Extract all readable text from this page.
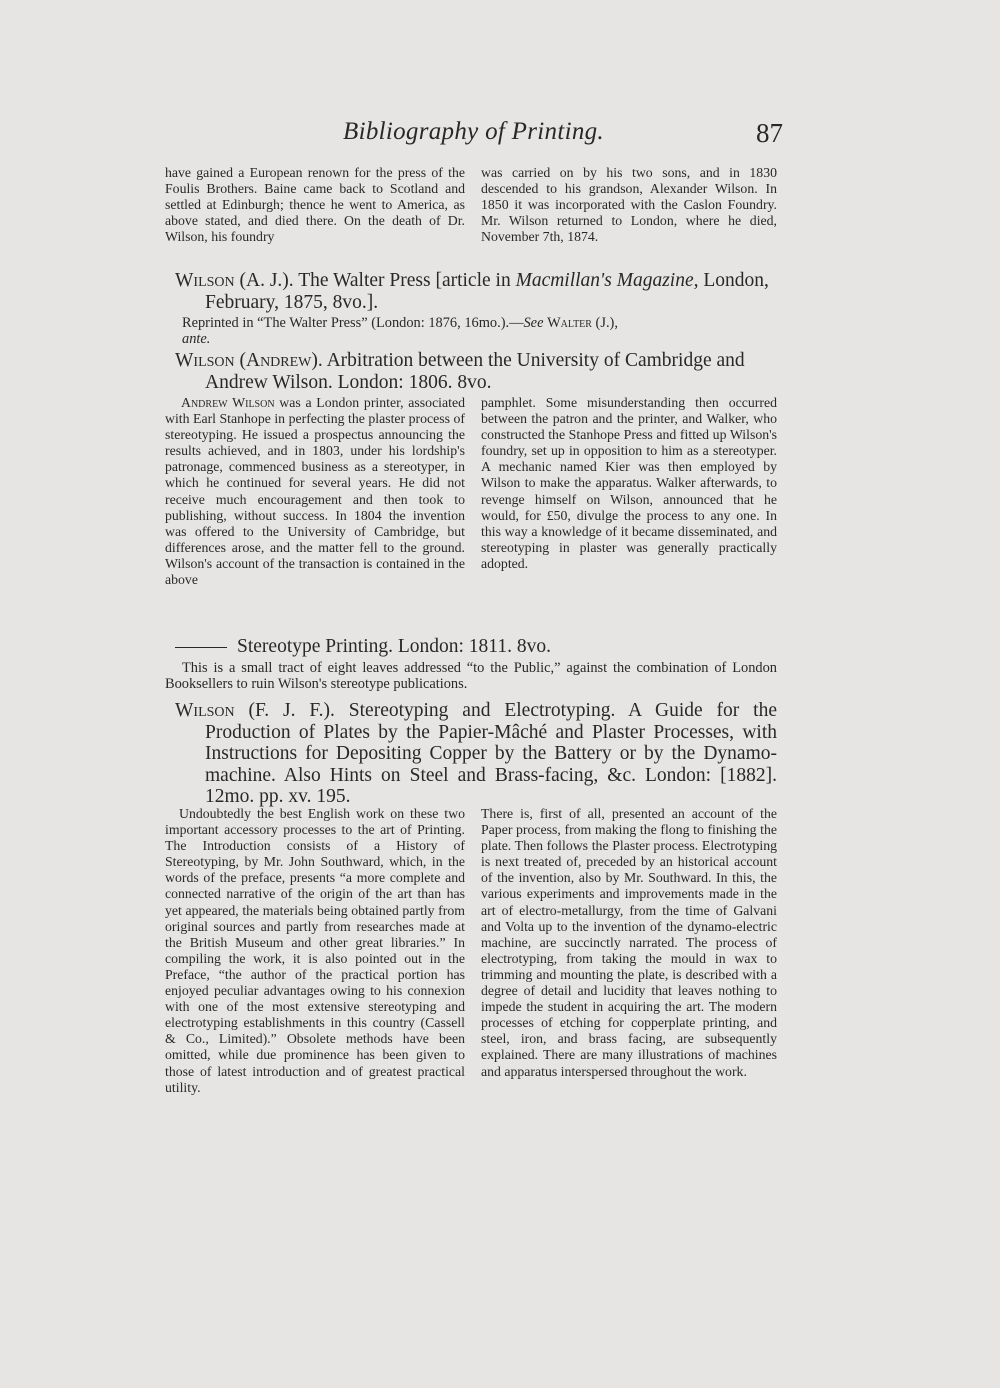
Bibliography of Printing.	87
have gained a European renown for the press of the Foulis Brothers. Baine came back to Scotland and settled at Edinburgh; thence he went to America, as above stated, and died there. On the death of Dr. Wilson, his foundry
was carried on by his two sons, and in 1830 descended to his grandson, Alexander Wilson. In 1850 it was incorporated with the Caslon Foundry. Mr. Wilson returned to London, where he died, November 7th, 1874.
Wilson (A. J.). The Walter Press [article in Macmillan's Magazine, London, February, 1875, 8vo.].
Reprinted in “The Walter Press” (London: 1876, 16mo.).—See Walter (J.),
ante.
Wilson (Andrew). Arbitration between the University of Cambridge and Andrew Wilson. London: 1806. 8vo.
Andrew Wilson was a London printer, associated with Earl Stanhope in perfecting the plaster process of stereotyping. He issued a prospectus announcing the results achieved, and in 1803, under his lordship's patronage, commenced business as a stereotyper, in which he continued for several years. He did not receive much encouragement and then took to publishing, without success. In 1804 the invention was offered to the University of Cambridge, but differences arose, and the matter fell to the ground. Wilson's account of the transaction is contained in the above
pamphlet. Some misunderstanding then occurred between the patron and the printer, and Walker, who constructed the Stanhope Press and fitted up Wilson's foundry, set up in opposition to him as a stereotyper. A mechanic named Kier was then employed by Wilson to make the apparatus. Walker afterwards, to revenge himself on Wilson, announced that he would, for £50, divulge the process to any one. In this way a knowledge of it became disseminated, and stereotyping in plaster was generally practically adopted.
Stereotype Printing. London: 1811. 8vo.
This is a small tract of eight leaves addressed “to the Public,” against the combination of London Booksellers to ruin Wilson's stereotype publications.
Wilson (F. J. F.). Stereotyping and Electrotyping. A Guide for the Production of Plates by the Papier-Mâché and Plaster Processes, with Instructions for Depositing Copper by the Battery or by the Dynamo-machine. Also Hints on Steel and Brass-facing, &c. London: [1882]. 12mo. pp. xv. 195.
Undoubtedly the best English work on these two important accessory processes to the art of Printing. The Introduction consists of a History of Stereotyping, by Mr. John Southward, which, in the words of the preface, presents “a more complete and connected narrative of the origin of the art than has yet appeared, the materials being obtained partly from original sources and partly from researches made at the British Museum and other great libraries.” In compiling the work, it is also pointed out in the Preface, “the author of the practical portion has enjoyed peculiar advantages owing to his connexion with one of the most extensive stereotyping and electrotyping establishments in this country (Cassell & Co., Limited).” Obsolete methods have been omitted, while due prominence has been given to those of latest introduction and of greatest practical utility.
There is, first of all, presented an account of the Paper process, from making the flong to finishing the plate. Then follows the Plaster process. Electrotyping is next treated of, preceded by an historical account of the invention, also by Mr. Southward. In this, the various experiments and improvements made in the art of electro-metallurgy, from the time of Galvani and Volta up to the invention of the dynamo-electric machine, are succinctly narrated. The process of electrotyping, from taking the mould in wax to trimming and mounting the plate, is described with a degree of detail and lucidity that leaves nothing to impede the student in acquiring the art. The modern processes of etching for copperplate printing, and steel, iron, and brass facing, are subsequently explained. There are many illustrations of machines and apparatus interspersed throughout the work.
